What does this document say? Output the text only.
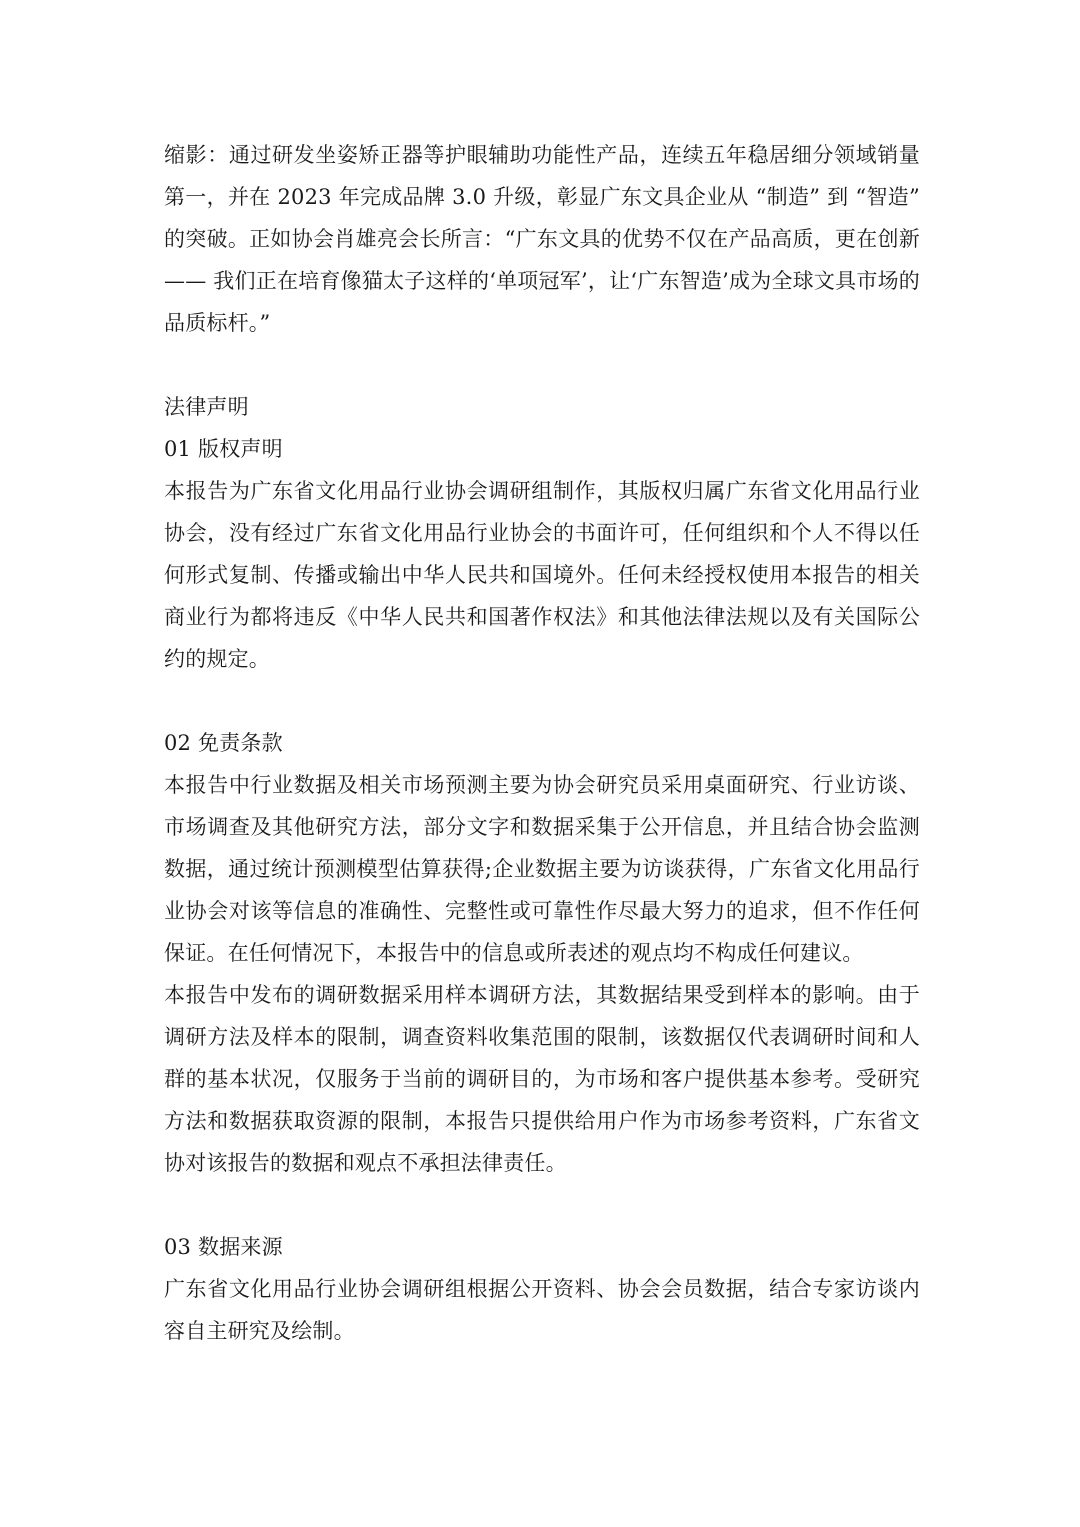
缩影：通过研发坐姿矫正器等护眼辅助功能性产品，连续五年稳居细分领域销量第一，并在 2023 年完成品牌 3.0 升级，彰显广东文具企业从 “制造” 到 “智造” 的突破。正如协会肖雄亮会长所言：“广东文具的优势不仅在产品高质，更在创新 —— 我们正在培育像猫太子这样的‘单项冠军’，让‘广东智造’成为全球文具市场的品质标杆。”

法律声明

01 版权声明

本报告为广东省文化用品行业协会调研组制作，其版权归属广东省文化用品行业协会，没有经过广东省文化用品行业协会的书面许可，任何组织和个人不得以任何形式复制、传播或输出中华人民共和国境外。任何未经授权使用本报告的相关商业行为都将违反《中华人民共和国著作权法》和其他法律法规以及有关国际公约的规定。

02 免责条款

本报告中行业数据及相关市场预测主要为协会研究员采用桌面研究、行业访谈、市场调查及其他研究方法，部分文字和数据采集于公开信息，并且结合协会监测数据，通过统计预测模型估算获得;企业数据主要为访谈获得，广东省文化用品行业协会对该等信息的准确性、完整性或可靠性作尽最大努力的追求，但不作任何保证。在任何情况下，本报告中的信息或所表述的观点均不构成任何建议。

本报告中发布的调研数据采用样本调研方法，其数据结果受到样本的影响。由于调研方法及样本的限制，调查资料收集范围的限制，该数据仅代表调研时间和人群的基本状况，仅服务于当前的调研目的，为市场和客户提供基本参考。受研究方法和数据获取资源的限制，本报告只提供给用户作为市场参考资料，广东省文协对该报告的数据和观点不承担法律责任。

03 数据来源

广东省文化用品行业协会调研组根据公开资料、协会会员数据，结合专家访谈内容自主研究及绘制。
